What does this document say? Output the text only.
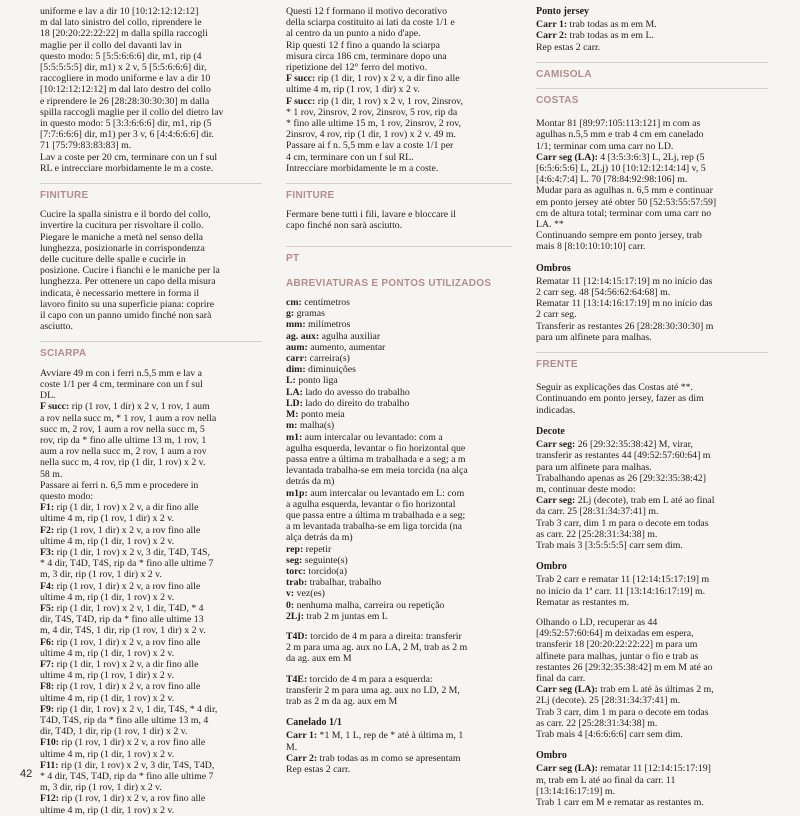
uniforme e lav a dir 10 [10:12:12:12:12]

m dal lato sinistro del collo, riprendere le

18 [20:20:22:22:22] m dalla spilla raccogli

maglie per il collo del davanti lav in

questo modo: 5 [5:5:6:6:6] dir, m1, rip (4

[5:5:5:5:5] dir, m1) x 2 v, 5 [5:5:6:6:6] dir,

raccogliere in modo uniforme e lav a dir 10

[10:12:12:12:12] m dal lato destro del collo

e riprendere le 26 [28:28:30:30:30] m dalla

spilla raccogli maglie per il collo del dietro lav

in questo modo: 5 [3:3:6:6:6] dir, m1, rip (5

[7:7:6:6:6] dir, m1) per 3 v, 6 [4:4:6:6:6] dir.

71 [75:79:83:83:83] m.

Lav a coste per 20 cm, terminare con un f sul

RL e intrecciare morbidamente le m a coste.

FINITURE

Cucire la spalla sinistra e il bordo del collo,

invertire la cucitura per risvoltare il collo.

Piegare le maniche a metà nel senso della

lunghezza, posizionarle in corrispondenza

delle cuciture delle spalle e cucirle in

posizione. Cucire i fianchi e le maniche per la

lunghezza. Per ottenere un capo della misura

indicata, è necessario mettere in forma il

lavoro finito su una superficie piana: coprire

il capo con un panno umido finché non sarà

asciutto.

SCIARPA

Avviare 49 m con i ferri n.5,5 mm e lav a

coste 1/1 per 4 cm, terminare con un f sul

DL.

F succ: rip (1 rov, 1 dir) x 2 v, 1 rov, 1 aum

a rov nella succ m, * 1 rov, 1 aum a rov nella

succ m, 2 rov, 1 aum a rov nella succ m, 5

rov, rip da * fino alle ultime 13 m, 1 rov, 1

aum a rov nella succ m, 2 rov, 1 aum a rov

nella succ m, 4 rov, rip (1 dir, 1 rov) x 2 v.

58 m.

Passare ai ferri n. 6,5 mm e procedere in

questo modo:

F1: rip (1 dir, 1 rov) x 2 v, a dir fino alle

ultime 4 m, rip (1 rov, 1 dir) x 2 v.

F2: rip (1 rov, 1 dir) x 2 v, a rov fino alle

ultime 4 m, rip (1 dir, 1 rov) x 2 v.

F3: rip (1 dir, 1 rov) x 2 v, 3 dir, T4D, T4S,

* 4 dir, T4D, T4S, rip da * fino alle ultime 7

m, 3 dir, rip (1 rov, 1 dir) x 2 v.

F4: rip (1 rov, 1 dir) x 2 v, a rov fino alle

ultime 4 m, rip (1 dir, 1 rov) x 2 v.

F5: rip (1 dir, 1 rov) x 2 v, 1 dir, T4D, * 4

dir, T4S, T4D, rip da * fino alle ultime 13

m, 4 dir, T4S, 1 dir, rip (1 rov, 1 dir) x 2 v.

F6: rip (1 rov, 1 dir) x 2 v, a rov fino alle

ultime 4 m, rip (1 dir, 1 rov) x 2 v.

F7: rip (1 dir, 1 rov) x 2 v, a dir fino alle

ultime 4 m, rip (1 rov, 1 dir) x 2 v.

F8: rip (1 rov, 1 dir) x 2 v, a rov fino alle

ultime 4 m, rip (1 dir, 1 rov) x 2 v.

F9: rip (1 dir, 1 rov) x 2 v, 1 dir, T4S, * 4 dir,

T4D, T4S, rip da * fino alle ultime 13 m, 4

dir, T4D, 1 dir, rip (1 rov, 1 dir) x 2 v.

F10: rip (1 rov, 1 dir) x 2 v, a rov fino alle

ultime 4 m, rip (1 dir, 1 rov) x 2 v.

F11: rip (1 dir, 1 rov) x 2 v, 3 dir, T4S, T4D,

* 4 dir, T4S, T4D, rip da * fino alle ultime 7

m, 3 dir, rip (1 rov, 1 dir) x 2 v.

F12: rip (1 rov, 1 dir) x 2 v, a rov fino alle

ultime 4 m, rip (1 dir, 1 rov) x 2 v.

Questi 12 f formano il motivo decorativo

della sciarpa costituito ai lati da coste 1/1 e

al centro da un punto a nido d'ape.

Rip questi 12 f fino a quando la sciarpa

misura circa 186 cm, terminare dopo una

ripetizione del 12° ferro del motivo.

F succ: rip (1 dir, 1 rov) x 2 v, a dir fino alle

ultime 4 m, rip (1 rov, 1 dir) x 2 v.

F succ: rip (1 dir, 1 rov) x 2 v, 1 rov, 2insrov,

* 1 rov, 2insrov, 2 rov, 2insrov, 5 rov, rip da

* fino alle ultime 15 m, 1 rov, 2insrov, 2 rov,

2insrov, 4 rov, rip (1 dir, 1 rov) x 2 v. 49 m.

Passare ai f n. 5,5 mm e lav a coste 1/1 per

4 cm, terminare con un f sul RL.

Intrecciare morbidamente le m a coste.

FINITURE

Fermare bene tutti i fili, lavare e bloccare il

capo finché non sarà asciutto.

PT
ABREVIATURAS E PONTOS UTILIZADOS
cm: centímetros
g: gramas
mm: milímetros
ag. aux: agulha auxiliar
aum: aumento, aumentar
carr: carreira(s)
dim: diminuições
L: ponto liga
LA: lado do avesso do trabalho
LD: lado do direito do trabalho
M: ponto meia
m: malha(s)

m1: aum intercalar ou levantado: com a

agulha esquerda, levantar o fio horizontal que

passa entre a última m trabalhada e a seg; a m

levantada trabalha-se em meia torcida (na alça

detrás da m)

m1p: aum intercalar ou levantado em L: com

a agulha esquerda, levantar o fio horizontal

que passa entre a última m trabalhada e a seg;

a m levantada trabalha-se em liga torcida (na

alça detrás da m)

rep: repetir
seg: seguinte(s)
torc: torcido(a)
trab: trabalhar, trabalho
v: vez(es)
0: nenhuma malha, carreira ou repetição
2Lj: trab 2 m juntas em L

T4D: torcido de 4 m para a direita: transferir

2 m para uma ag. aux no LA, 2 M, trab as 2 m

da ag. aux em M

T4E: torcido de 4 m para a esquerda:

transferir 2 m para uma ag. aux no LD, 2 M,

trab as 2 m da ag. aux em M

Canelado 1/1

Carr 1: *1 M, 1 L, rep de * até à última m, 1

M.

Carr 2: trab todas as m como se apresentam

Rep estas 2 carr.

Ponto jersey

Carr 1: trab todas as m em M.

Carr 2: trab todas as m em L.

Rep estas 2 carr.

CAMISOLA
COSTAS

Montar 81 [89:97:105:113:121] m com as

agulhas n.5,5 mm e trab 4 cm em canelado

1/1; terminar com uma carr no LD.

Carr seg (LA): 4 [3:5:3:6:3] L, 2Lj, rep (5

[6:5:6:5:6] L, 2Lj) 10 [10:12:12:14:14] v, 5

[4:6:4:7:4] L. 70 [78:84:92:98:106] m.

Mudar para as agulhas n. 6,5 mm e continuar

em ponto jersey até obter 50 [52:53:55:57:59]

cm de altura total; terminar com uma carr no

LA. **

Continuando sempre em ponto jersey, trab

mais 8 [8:10:10:10:10] carr.

Ombros

Rematar 11 [12:14:15:17:19] m no início das

2 carr seg. 48 [54:56:62:64:68] m.

Rematar 11 [13:14:16:17:19] m no início das

2 carr seg.

Transferir as restantes 26 [28:28:30:30:30] m

para um alfinete para malhas.

FRENTE

Seguir as explicações das Costas até **.

Continuando em ponto jersey, fazer as dim

indicadas.

Decote

Carr seg: 26 [29:32:35:38:42] M, virar,

transferir as restantes 44 [49:52:57:60:64] m

para um alfinete para malhas.

Trabalhando apenas as 26 [29:32:35:38:42]

m, continuar deste modo:

Carr seg: 2Lj (decote), trab em L até ao final

da carr. 25 [28:31:34:37:41] m.

Trab 3 carr, dim 1 m para o decote em todas

as carr. 22 [25:28:31:34:38] m.

Trab mais 3 [3:5:5:5:5] carr sem dim.

Ombro

Trab 2 carr e rematar 11 [12:14:15:17:19] m

no início da 1ª carr. 11 [13:14:16:17:19] m.

Rematar as restantes m.

Olhando o LD, recuperar as 44

[49:52:57:60:64] m deixadas em espera,

transferir 18 [20:20:22:22:22] m para um

alfinete para malhas, juntar o fio e trab as

restantes 26 [29:32:35:38:42] m em M até ao

final da carr.

Carr seg (LA): trab em L até às últimas 2 m,

2Lj (decote). 25 [28:31:34:37:41] m.

Trab 3 carr, dim 1 m para o decote em todas

as carr. 22 [25:28:31:34:38] m.

Trab mais 4 [4:6:6:6:6] carr sem dim.

Ombro

Carr seg (LA): rematar 11 [12:14:15:17:19]

m, trab em L até ao final da carr. 11

[13:14:16:17:19] m.

Trab 1 carr em M e rematar as restantes m.

42
